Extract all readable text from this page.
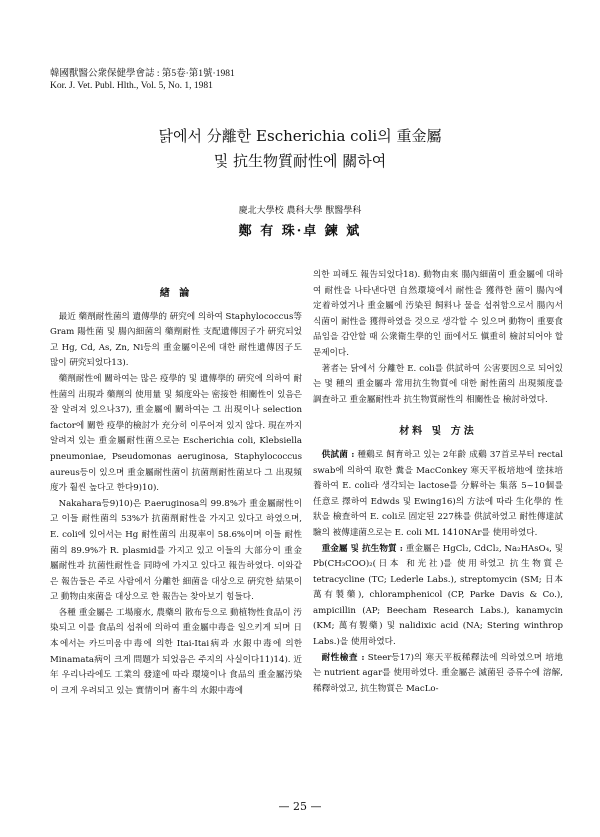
韓國獸醫公衆保健學會誌 : 第5卷·第1號·1981
Kor. J. Vet. Publ. Hlth., Vol. 5, No. 1, 1981
닭에서 分離한 Escherichia coli의 重金屬
및 抗生物質耐性에 關하여
慶北大學校 農科大學 獸醫學科
鄭 有 珠·卓 鍊 斌
緖 論

最近 藥劑耐性菌의 遺傳學的 硏究에 의하여 Staphylococcus等 Gram 陽性菌 및 腸內細菌의 藥劑耐性 支配遺傳因子가 硏究되었고 Hg, Cd, As, Zn, Ni등의 重金屬이온에 대한 耐性遺傳因子도 많이 硏究되었다13).

藥劑耐性에 關하여는 많은 疫學的 및 遺傳學的 硏究에 의하여 耐性菌의 出現과 藥劑의 使用量 및 頻度와는 密接한 相關性이 있음은 잘 알려져 있으나37), 重金屬에 關하여는 그 出現이나 selection factor에 關한 疫學的檢討가 充分히 이루어져 있지 않다. 現在까지 알려져 있는 重金屬耐性菌으로는 Escherichia coli, Klebsiella pneumoniae, Pseudomonas aeruginosa, Staphylococcus aureus등이 있으며 重金屬耐性菌이 抗菌劑耐性菌보다 그 出現頻度가 훨씬 높다고 한다9)10).

Nakahara등9)10)은 P.aeruginosa의 99.8%가 重金屬耐性이고 이들 耐性菌의 53%가 抗菌劑耐性을 가지고 있다고 하였으며, E. coli에 있어서는 Hg 耐性菌의 出現率이 58.6%이며 이들 耐性菌의 89.9%가 R. plasmid를 가지고 있고 이들의 大部分이 重金屬耐性과 抗菌性耐性을 同時에 가지고 있다고 報告하였다. 이와같은 報告들은 주로 사람에서 分離한 細菌을 대상으로 硏究한 結果이고 動物由來菌을 대상으로 한 報告는 찾아보기 힘들다.

各種 重金屬은 工場廢水, 農藥의 散布등으로 動植物性食品이 汚染되고 이를 食品의 섭취에 의하여 重金屬中毒을 일으키게 되며 日本에서는 카드미움中毒에 의한 Itai-Itai病과 水銀中毒에 의한 Minamata病이 크게 問題가 되었음은 주지의 사실이다11)14). 近年 우리나라에도 工業의 發達에 따라 環境이나 食品의 重金屬汚染이 크게 우려되고 있는 實情이며 畜牛의 水銀中毒에

의한 피해도 報告되었다18). 動物由來 腸內細菌이 重金屬에 대하여 耐性을 나타낸다면 自然環境에서 耐性을 獲得한 菌이 腸內에 定着하였거나 重金屬에 汚染된 飼料나 물을 섭취함으로서 腸內서식菌이 耐性을 獲得하였을 것으로 생각할 수 있으며 動物이 重要食品임을 감안할 때 公衆衛生學的인 面에서도 愼重히 檢討되어야 할 문제이다.

著者는 닭에서 分離한 E. coli를 供試하여 公害要因으로 되어있는 몇 種의 重金屬과 常用抗生物質에 대한 耐性菌의 出現頻度를 調査하고 重金屬耐性과 抗生物質耐性의 相關性을 檢討하였다.

材料 및 方法

供試菌 : 種鷄로 飼育하고 있는 2年齡 成鷄 37首로부터 rectal swab에 의하여 取한 糞을 MacConkey 寒天平板培地에 塗抹培養하여 E. coli라 생각되는 lactose를 分解하는 集落 5~10個를 任意로 擇하여 Edwds 및 Ewing16)의 方法에 따라 生化學的 性狀을 檢査하여 E. coli로 固定된 227株를 供試하였고 耐性傳達試驗의 被傳達菌으로는 E. coli ML 1410NAr를 使用하였다.

重金屬 및 抗生物質 : 重金屬은 HgCl₂, CdCl₂, Na₂HAsO₄, 및 Pb(CH₃COO)₂(日本 和光社)를 使用하였고 抗生物質은 tetracycline (TC; Lederle Labs.), streptomycin (SM; 日本 萬有製藥), chloramphenicol (CP, Parke Davis & Co.), ampicillin (AP; Beecham Research Labs.), kanamycin (KM; 萬有製藥) 및 nalidixic acid (NA; Stering winthrop Labs.)을 使用하였다.

耐性檢査 : Steer등17)의 寒天平板稀釋法에 의하였으며 培地는 nutrient agar를 使用하였다. 重金屬은 滅菌된 증류수에 溶解, 稀釋하였고, 抗生物質은 MacLo-

— 25 —
